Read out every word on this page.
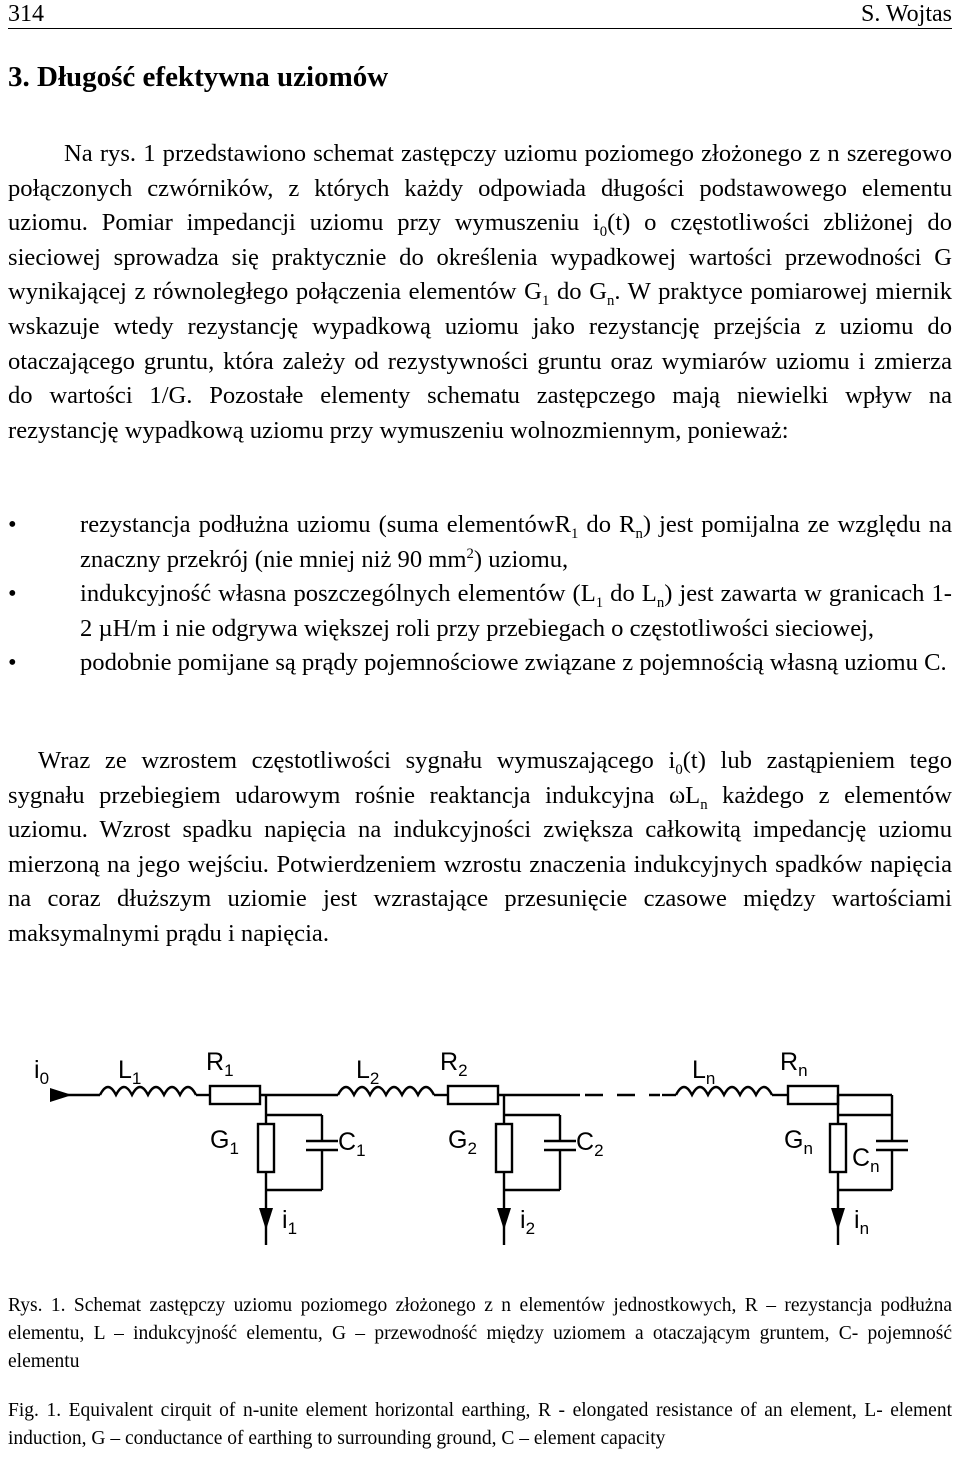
314	S. Wojtas
3. Długość efektywna uziomów
Na rys. 1 przedstawiono schemat zastępczy uziomu poziomego złożonego z n szeregowo połączonych czwórników, z których każdy odpowiada długości podstawowego elementu uziomu. Pomiar impedancji uziomu przy wymuszeniu $i_0(t)$ o częstotliwości zbliżonej do sieciowej sprowadza się praktycznie do określenia wypadkowej wartości przewodności G wynikającej z równoległego połączenia elementów $G_1$ do $G_n$. W praktyce pomiarowej miernik wskazuje wtedy rezystancję wypadkową uziomu jako rezystancję przejścia z uziomu do otaczającego gruntu, która zależy od rezystywności gruntu oraz wymiarów uziomu i zmierza do wartości 1/G. Pozostałe elementy schematu zastępczego mają niewielki wpływ na rezystancję wypadkową uziomu przy wymuszeniu wolnozmiennym, ponieważ:
•	rezystancja podłużna uziomu (suma elementówR$_1$ do $R_n$) jest pomijalna ze względu na znaczny przekrój (nie mniej niż 90 $mm^2$) uziomu,
•	indukcyjność własna poszczególnych elementów ($L_1$ do $L_n$) jest zawarta w granicach 1-2 µH/m i nie odgrywa większej roli przy przebiegach o częstotliwości sieciowej,
•	podobnie pomijane są prądy pojemnościowe związane z pojemnością własną uziomu C.
Wraz ze wzrostem częstotliwości sygnału wymuszającego $i_0(t)$ lub zastąpieniem tego sygnału przebiegiem udarowym rośnie reaktancja indukcyjna $\omega L_n$ każdego z elementów uziomu. Wzrost spadku napięcia na indukcyjności zwiększa całkowitą impedancję uziomu mierzoną na jego wejściu. Potwierdzeniem wzrostu znaczenia indukcyjnych spadków napięcia na coraz dłuższym uziomie jest wzrastające przesunięcie czasowe między wartościami maksymalnymi prądu i napięcia.
$i_0$	$L_1$
$R_1$	$L_2$
$R_2$	$L_n$
$R_n$
$G_1$	$C_1$	$G_2$	$C_2$	$G_n$ $C_n$
$i_1$	$i_2$	$i_n$
Rys. 1. Schemat zastępczy uziomu poziomego złożonego z n elementów jednostkowych, R – rezystancja podłużna elementu, L – indukcyjność elementu, G – przewodność między uziomem a otaczającym gruntem, C- pojemność elementu
Fig. 1. Equivalent cirquit of n-unite element horizontal earthing, R - elongated resistance of an element, L- element induction, G – conductance of earthing to surrounding ground, C – element capacity
